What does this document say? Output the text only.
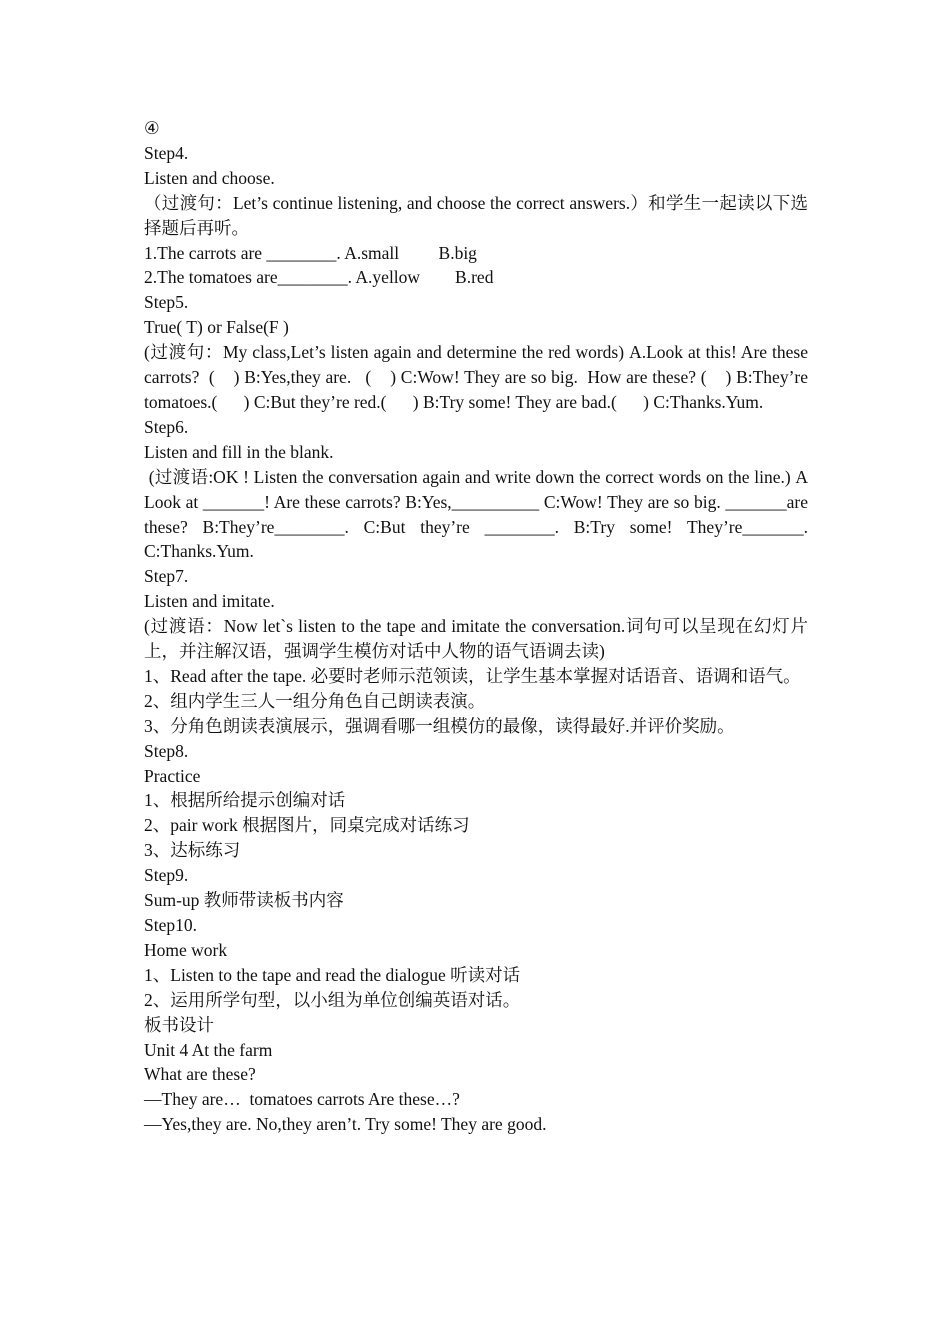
④

Step4.

Listen and choose.

（过渡句：Let’s continue listening, and choose the correct answers.）和学生一起读以下选择题后再听。

1.The carrots are ________. A.small         B.big

2.The tomatoes are________. A.yellow        B.red

Step5.

True( T) or False(F )

(过渡句：My class,Let’s listen again and determine the red words) A.Look at this! Are these carrots?  (    ) B:Yes,they are.   (    ) C:Wow! They are so big.  How are these? (    ) B:They’re tomatoes.(      ) C:But they’re red.(      ) B:Try some! They are bad.(      ) C:Thanks.Yum.

Step6.

Listen and fill in the blank.

(过渡语:OK ! Listen the conversation again and write down the correct words on the line.) A Look at _______! Are these carrots? B:Yes,__________ C:Wow! They are so big. _______are these? B:They’re________. C:But they’re ________. B:Try some! They’re_______. C:Thanks.Yum.

Step7.

Listen and imitate.

(过渡语：Now let`s listen to the tape and imitate the conversation.词句可以呈现在幻灯片上，并注解汉语，强调学生模仿对话中人物的语气语调去读)

1、Read after the tape. 必要时老师示范领读，让学生基本掌握对话语音、语调和语气。

2、组内学生三人一组分角色自己朗读表演。

3、分角色朗读表演展示，强调看哪一组模仿的最像，读得最好.并评价奖励。

Step8.

Practice

1、根据所给提示创编对话

2、pair work 根据图片，同桌完成对话练习

3、达标练习

Step9.

Sum-up 教师带读板书内容

Step10.

Home work

1、Listen to the tape and read the dialogue 听读对话

2、运用所学句型，以小组为单位创编英语对话。

板书设计

Unit 4 At the farm

What are these?

—They are…  tomatoes carrots Are these…?

—Yes,they are. No,they aren’t. Try some! They are good.
